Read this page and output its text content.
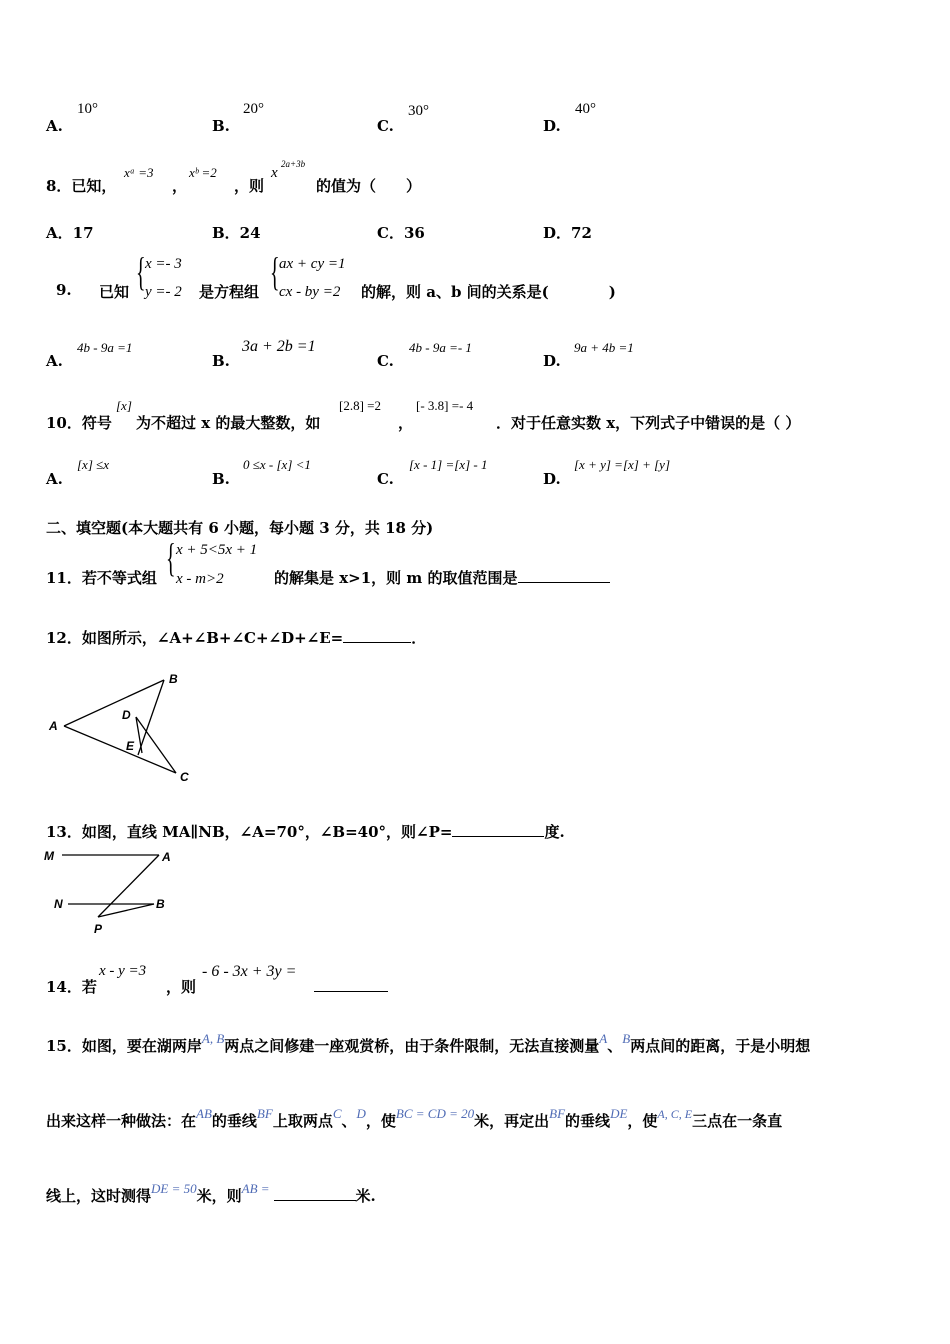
A.
10°
B.
20°
C.
30°
D.
40°
8．已知，
xᵃ =3
，
xᵇ =2
，则
x
2a+3b
的值为（　　）
A．17	B．24	C．36	D．72
9. 已知 { x =- 3
y =- 2 是方程组 { ax + cy =1
cx - by =2 的解，则 a、b 间的关系是(　　　　)
A.
4b - 9a =1
B.
3a + 2b =1
C.
4b - 9a =- 1
D.
9a + 4b =1
10．符号
[x]
为不超过 x 的最大整数，如
[2.8] =2
，
[- 3.8] =- 4
．对于任意实数 x，下列式子中错误的是（ ）
A.
[x] ≤x
B.
0 ≤x - [x] <1
C.
[x - 1] =[x] - 1
D.
[x + y] =[x] + [y]
二、填空题(本大题共有 6 小题，每小题 3 分，共 18 分)
11．若不等式组 { x + 5<5x + 1
x - m>2	的解集是 x>1，则 m 的取值范围是
12．如图所示，∠A+∠B+∠C+∠D+∠E=	．
A
B
C
D
E
M	A
N	B
P
13．如图，直线 MA∥NB，∠A=70°，∠B=40°，则∠P=	度.
14．若
x - y =3
，则
- 6 - 3x + 3y =
15．如图，要在湖两岸A, B两点之间修建一座观赏桥，由于条件限制，无法直接测量A、B两点间的距离，于是小明想
出来这样一种做法：在AB的垂线BF上取两点C、D，使BC = CD = 20米，再定出BF的垂线DE，使$^{A, C, E}$三点在一条直
线上，这时测得DE = 50米，则AB =	米.
